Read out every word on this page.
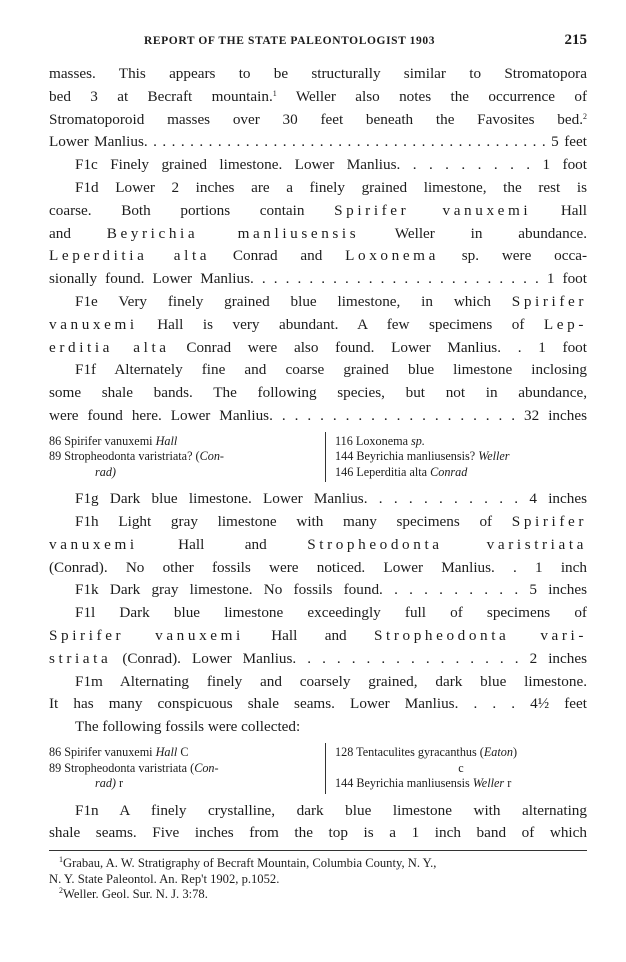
REPORT OF THE STATE PALEONTOLOGIST 1903	215
masses. This appears to be structurally similar to Stromatopora
bed 3 at Becraft mountain.$^1$ Weller also notes the occurrence of
Stromatoporoid masses over 30 feet beneath the Favosites bed.$^2$
Lower Manlius. . . . . . . . . . . . . . . . . . . . . . . . . . . . . . . . . . . . . . . . . . . . 5 feet
F1c Finely grained limestone. Lower Manlius. . . . . . . . . 1 foot
F1d Lower 2 inches are a finely grained limestone, the rest is
coarse. Both portions contain Spirifer vanuxemi Hall
and Beyrichia manliusensis Weller in abundance.
Leperditia alta Conrad and Loxonema sp. were occa-
sionally found. Lower Manlius. . . . . . . . . . . . . . . . . . . . . . . . . 1 foot
F1e Very finely grained blue limestone, in which Spirifer
vanuxemi Hall is very abundant. A few specimens of Lep-
erditia alta Conrad were also found. Lower Manlius. . 1 foot
F1f Alternately fine and coarse grained blue limestone inclosing
some shale bands. The following species, but not in abundance,
were found here. Lower Manlius. . . . . . . . . . . . . . . . . . . . 32 inches
86 Spirifer vanuxemi Hall
89 Stropheodonta varistriata? (Con-
rad)
116 Loxonema sp.
144 Beyrichia manliusensis? Weller
146 Leperditia alta Conrad
F1g Dark blue limestone. Lower Manlius. . . . . . . . . . . 4 inches
F1h Light gray limestone with many specimens of Spirifer
vanuxemi Hall and Stropheodonta varistriata
(Conrad). No other fossils were noticed. Lower Manlius. . 1 inch
F1k Dark gray limestone. No fossils found. . . . . . . . . . 5 inches
F1l Dark blue limestone exceedingly full of specimens of
Spirifer vanuxemi Hall and Stropheodonta vari-
striata (Conrad). Lower Manlius. . . . . . . . . . . . . . . . 2 inches
F1m Alternating finely and coarsely grained, dark blue limestone.
It has many conspicuous shale seams. Lower Manlius. . . . 4½ feet
The following fossils were collected:
86 Spirifer vanuxemi Hall C
89 Stropheodonta varistriata (Con-
rad) r
128 Tentaculites gyracanthus (Eaton)
c
144 Beyrichia manliusensis Weller r
F1n A finely crystalline, dark blue limestone with alternating
shale seams. Five inches from the top is a 1 inch band of which
$^1$Grabau, A. W. Stratigraphy of Becraft Mountain, Columbia County, N. Y.,
N. Y. State Paleontol. An. Rep't 1902, p.1052.
$^2$Weller. Geol. Sur. N. J. 3:78.
